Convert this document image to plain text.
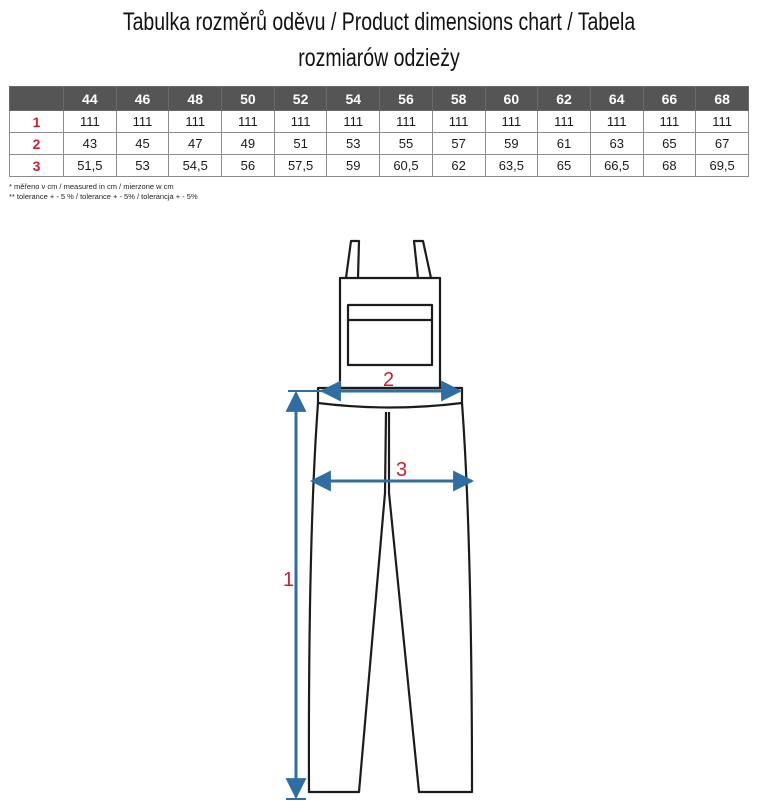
Tabulka rozměrů oděvu / Product dimensions chart / Tabela rozmiarów odzieży
	44	46	48	50	52	54	56	58	60	62	64	66	68
1	111	111	111	111	111	111	111	111	111	111	111	111	111
2	43	45	47	49	51	53	55	57	59	61	63	65	67
3	51,5	53	54,5	56	57,5	59	60,5	62	63,5	65	66,5	68	69,5
* měřeno v cm / measured in cm / mierzone w cm
** tolerance + - 5 % / tolerance + - 5% / tolerancja + - 5%
1
2
3
